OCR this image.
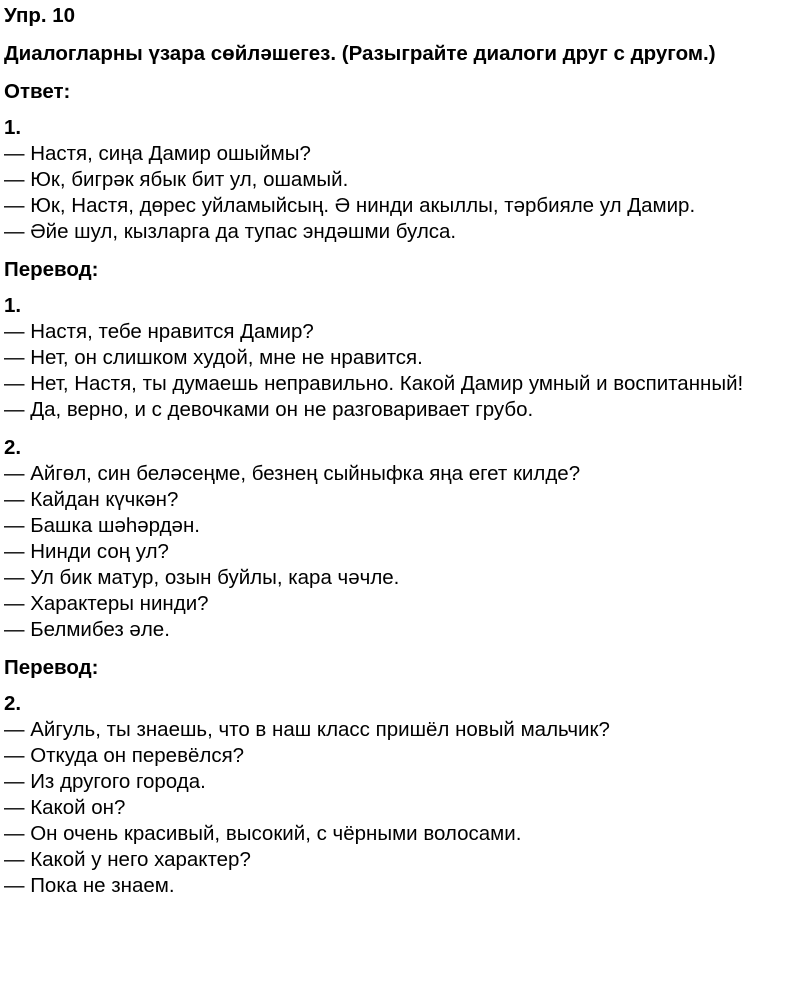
Упр. 10
Диалогларны үзара сөйләшегез. (Разыграйте диалоги друг с другом.)
Ответ:
1.
— Настя, сиңа Дамир ошыймы?
— Юк, бигрәк ябык бит ул, ошамый.
— Юк, Настя, дөрес уйламыйсың. Ә нинди акыллы, тәрбияле ул Дамир.
— Әйе шул, кызларга да тупас эндәшми булса.
Перевод:
1.
— Настя, тебе нравится Дамир?
— Нет, он слишком худой, мне не нравится.
— Нет, Настя, ты думаешь неправильно. Какой Дамир умный и воспитанный!
— Да, верно, и с девочками он не разговаривает грубо.
2.
— Айгөл, син беләсеңме, безнең сыйныфка яңа егет килде?
— Кайдан күчкән?
— Башка шәһәрдән.
— Нинди соң ул?
— Ул бик матур, озын буйлы, кара чәчле.
— Характеры нинди?
— Белмибез әле.
Перевод:
2.
— Айгуль, ты знаешь, что в наш класс пришёл новый мальчик?
— Откуда он перевёлся?
— Из другого города.
— Какой он?
— Он очень красивый, высокий, с чёрными волосами.
— Какой у него характер?
— Пока не знаем.
